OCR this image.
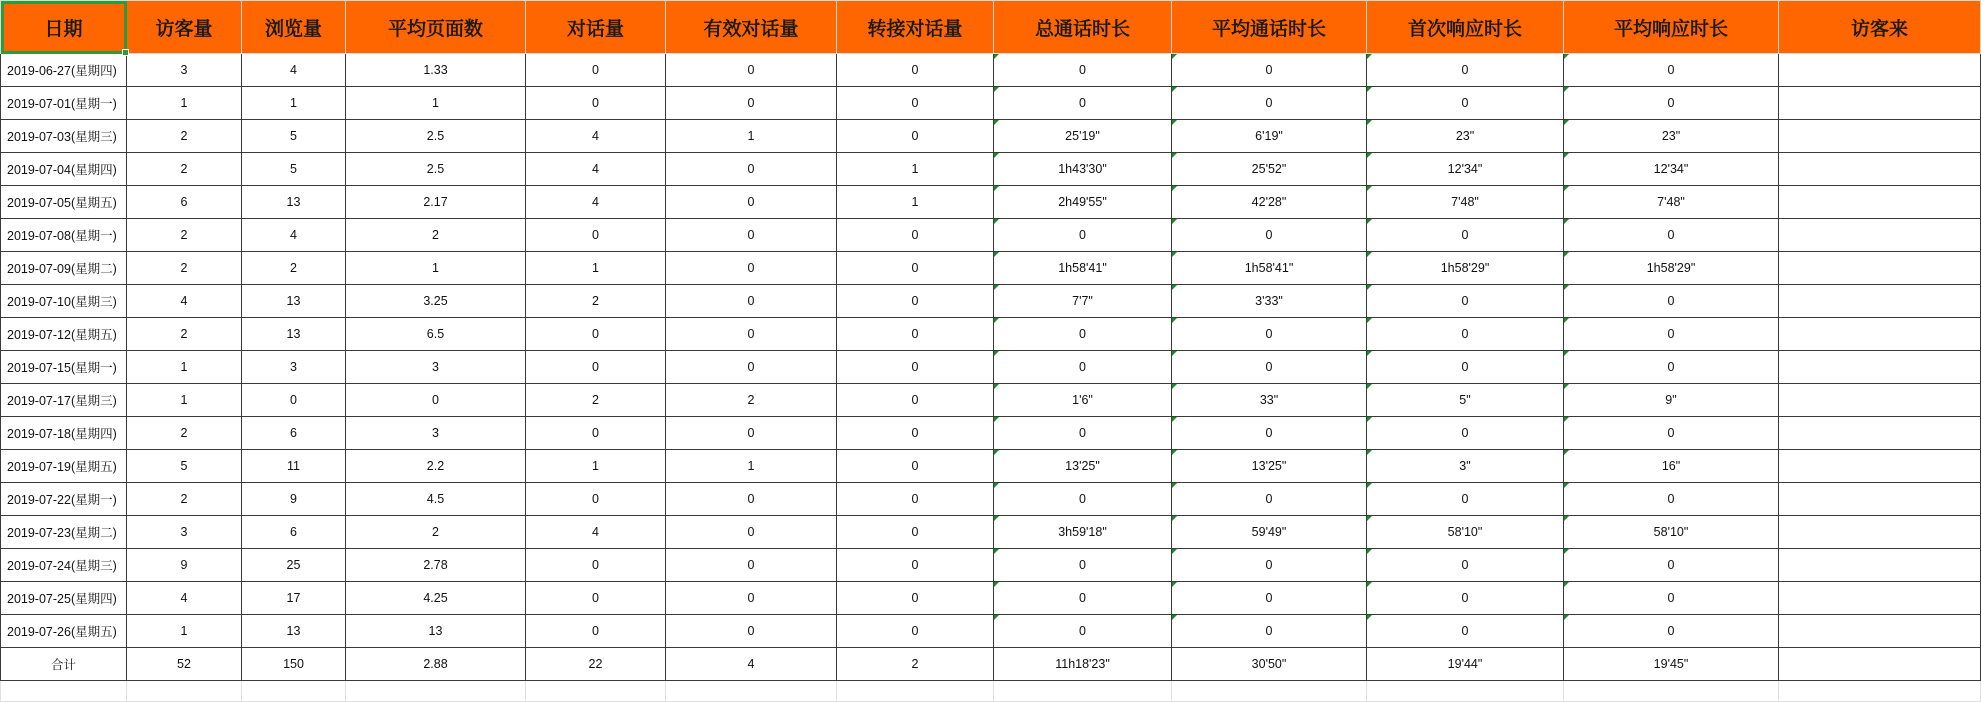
日期	访客量	浏览量	平均页面数	对话量	有效对话量	转接对话量	总通话时长	平均通话时长	首次响应时长	平均响应时长	访客来
2019-06-27(星期四)	3	4	1.33	0	0	0	0	0	0	0	
2019-07-01(星期一)	1	1	1	0	0	0	0	0	0	0	
2019-07-03(星期三)	2	5	2.5	4	1	0	25'19"	6'19"	23"	23"	
2019-07-04(星期四)	2	5	2.5	4	0	1	1h43'30"	25'52"	12'34"	12'34"	
2019-07-05(星期五)	6	13	2.17	4	0	1	2h49'55"	42'28"	7'48"	7'48"	
2019-07-08(星期一)	2	4	2	0	0	0	0	0	0	0	
2019-07-09(星期二)	2	2	1	1	0	0	1h58'41"	1h58'41"	1h58'29"	1h58'29"	
2019-07-10(星期三)	4	13	3.25	2	0	0	7'7"	3'33"	0	0	
2019-07-12(星期五)	2	13	6.5	0	0	0	0	0	0	0	
2019-07-15(星期一)	1	3	3	0	0	0	0	0	0	0	
2019-07-17(星期三)	1	0	0	2	2	0	1'6"	33"	5"	9"	
2019-07-18(星期四)	2	6	3	0	0	0	0	0	0	0	
2019-07-19(星期五)	5	11	2.2	1	1	0	13'25"	13'25"	3"	16"	
2019-07-22(星期一)	2	9	4.5	0	0	0	0	0	0	0	
2019-07-23(星期二)	3	6	2	4	0	0	3h59'18"	59'49"	58'10"	58'10"	
2019-07-24(星期三)	9	25	2.78	0	0	0	0	0	0	0	
2019-07-25(星期四)	4	17	4.25	0	0	0	0	0	0	0	
2019-07-26(星期五)	1	13	13	0	0	0	0	0	0	0	
合计	52	150	2.88	22	4	2	11h18'23"	30'50"	19'44"	19'45"	
